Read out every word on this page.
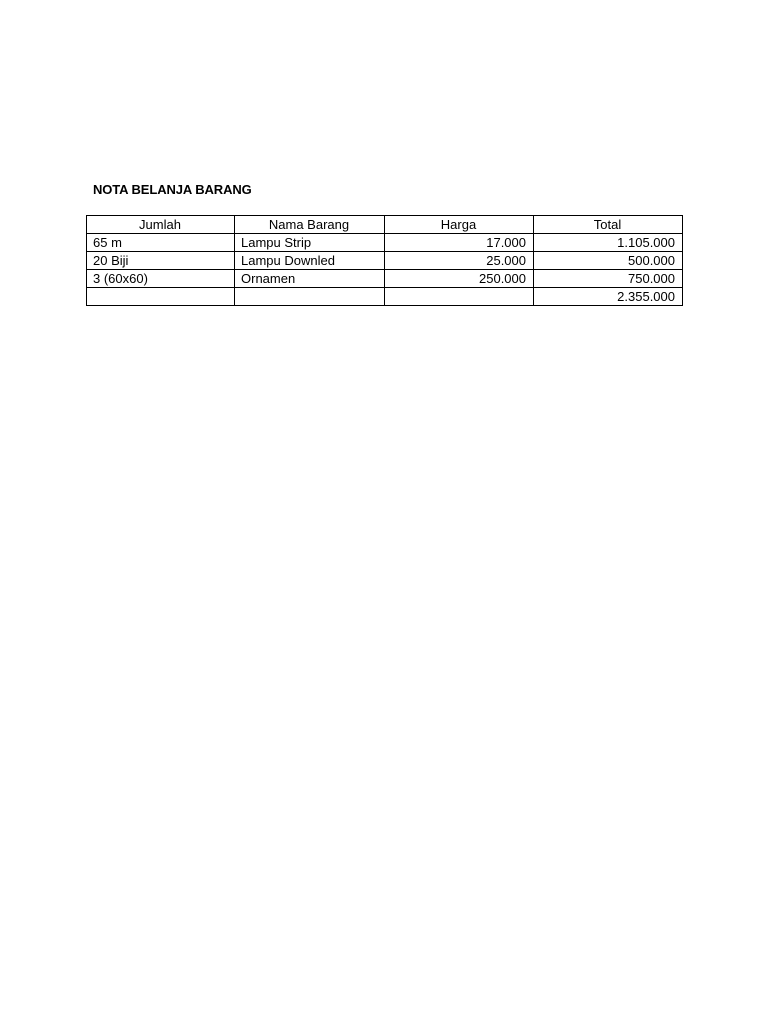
NOTA BELANJA BARANG
Jumlah	Nama Barang	Harga	Total
65 m	Lampu Strip	17.000	1.105.000
20 Biji	Lampu Downled	25.000	500.000
3 (60x60)	Ornamen	250.000	750.000
			2.355.000
